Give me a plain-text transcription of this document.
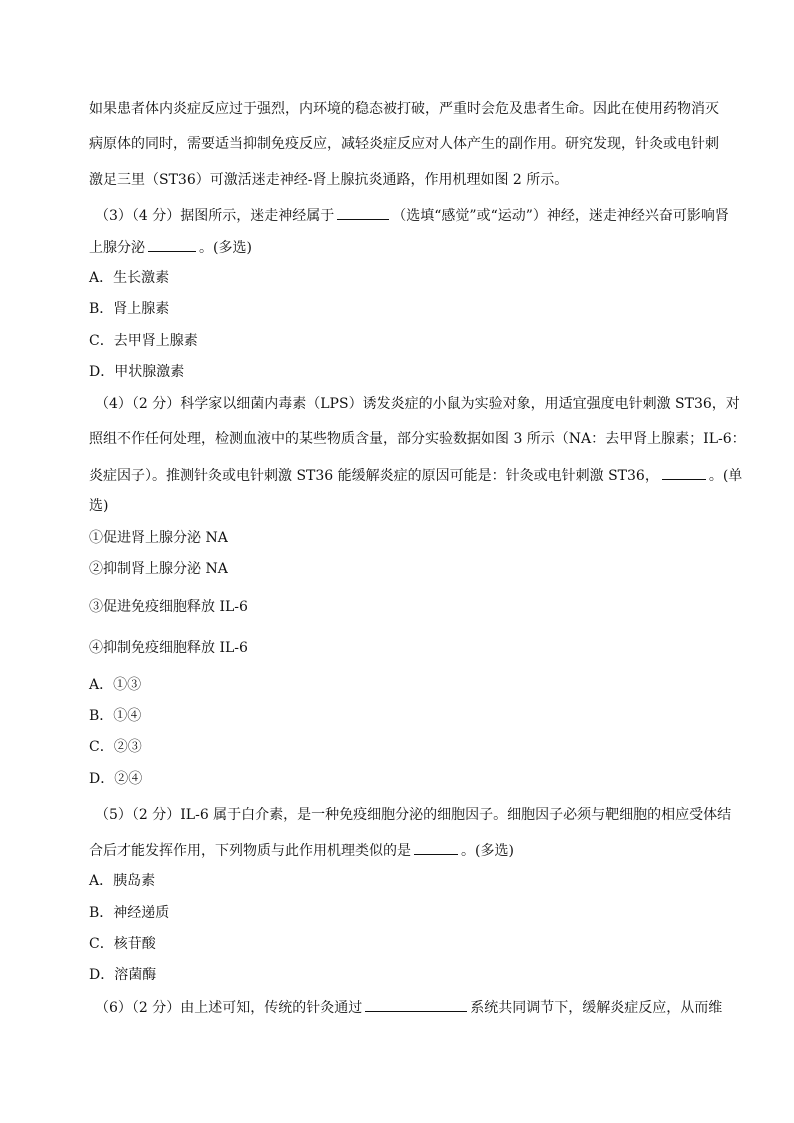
如果患者体内炎症反应过于强烈，内环境的稳态被打破，严重时会危及患者生命。因此在使用药物消灭
病原体的同时，需要适当抑制免疫反应，减轻炎症反应对人体产生的副作用。研究发现，针灸或电针刺
激足三里（ST36）可激活迷走神经-肾上腺抗炎通路，作用机理如图 2 所示。
（3）（4 分）据图所示，迷走神经属于	（选填“感觉”或“运动”）神经，迷走神经兴奋可影响肾
上腺分泌	。(多选)
A．生长激素
B．肾上腺素
C．去甲肾上腺素
D．甲状腺激素
（4）（2 分）科学家以细菌内毒素（LPS）诱发炎症的小鼠为实验对象，用适宜强度电针刺激 ST36，对
照组不作任何处理，检测血液中的某些物质含量，部分实验数据如图 3 所示（NA：去甲肾上腺素；IL-6：
炎症因子）。推测针灸或电针刺激 ST36 能缓解炎症的原因可能是：针灸或电针刺激 ST36，	。(单
选)
①促进肾上腺分泌 NA
②抑制肾上腺分泌 NA
③促进免疫细胞释放 IL-6
④抑制免疫细胞释放 IL-6
A．①③
B．①④
C．②③
D．②④
（5）（2 分）IL-6 属于白介素，是一种免疫细胞分泌的细胞因子。细胞因子必须与靶细胞的相应受体结
合后才能发挥作用，下列物质与此作用机理类似的是	。(多选)
A．胰岛素
B．神经递质
C．核苷酸
D．溶菌酶
（6）（2 分）由上述可知，传统的针灸通过	系统共同调节下，缓解炎症反应，从而维
